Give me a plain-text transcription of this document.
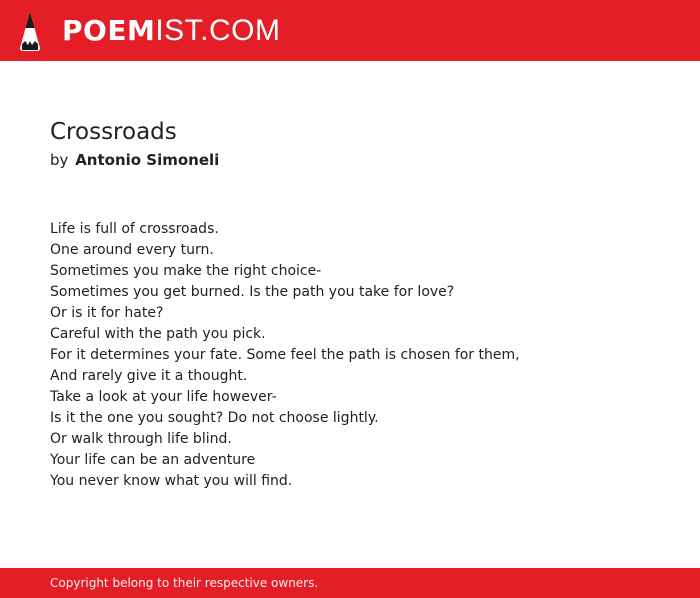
POEMIST.COM
Crossroads
by Antonio Simoneli
Life is full of crossroads.
One around every turn.
Sometimes you make the right choice-
Sometimes you get burned. Is the path you take for love?
Or is it for hate?
Careful with the path you pick.
For it determines your fate. Some feel the path is chosen for them,
And rarely give it a thought.
Take a look at your life however-
Is it the one you sought? Do not choose lightly.
Or walk through life blind.
Your life can be an adventure
You never know what you will find.
Copyright belong to their respective owners.
